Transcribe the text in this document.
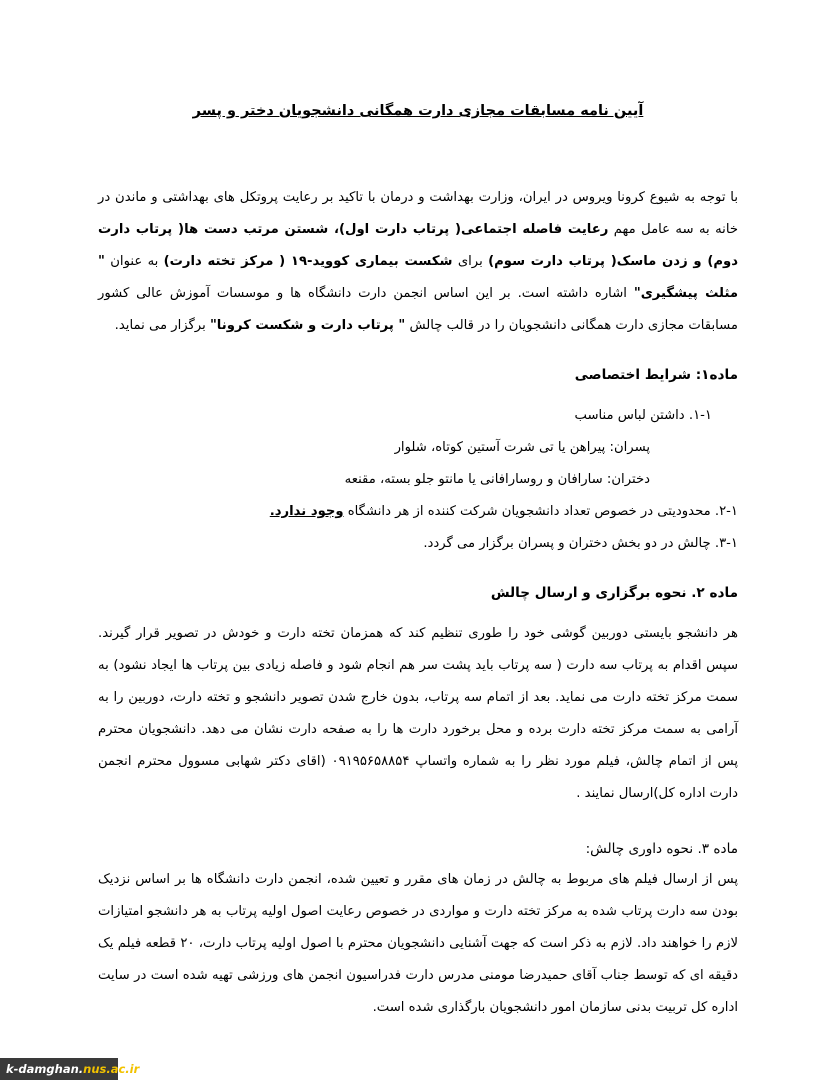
آیین نامه مسابقات مجازی دارت همگانی دانشجویان دختر و پسر

با توجه به شیوع کرونا ویروس در ایران، وزارت بهداشت و درمان با تاکید بر رعایت پروتکل های بهداشتی و ماندن در خانه به سه عامل مهم رعایت فاصله اجتماعی( پرتاب دارت اول)، شستن مرتب دست ها( پرتاب دارت دوم) و زدن ماسک( پرتاب دارت سوم) برای شکست بیماری کووید-۱۹ ( مرکز تخته دارت) به عنوان " مثلث پیشگیری" اشاره داشته است. بر این اساس انجمن دارت دانشگاه ها و موسسات آموزش عالی کشور مسابقات مجازی دارت همگانی دانشجویان را در قالب چالش " پرتاب دارت و شکست کرونا" برگزار می نماید.

ماده۱: شرایط اختصاصی

۱-۱. داشتن لباس مناسب

پسران: پیراهن یا تی شرت آستین کوتاه، شلوار

دختران: سارافان و روسارافانی یا مانتو جلو بسته، مقنعه

۲-۱. محدودیتی در خصوص تعداد دانشجویان شرکت کننده از هر دانشگاه وجود ندارد.

۳-۱. چالش در دو بخش دختران و پسران برگزار می گردد.

ماده ۲. نحوه برگزاری و ارسال چالش

هر دانشجو بایستی دوربین گوشی خود را طوری تنظیم کند که همزمان تخته دارت و خودش در تصویر قرار گیرند. سپس اقدام به پرتاب سه دارت ( سه پرتاب باید پشت سر هم انجام شود و فاصله زیادی بین پرتاب ها ایجاد نشود) به سمت مرکز تخته دارت می نماید. بعد از اتمام سه پرتاب، بدون خارج شدن تصویر دانشجو و تخته دارت، دوربین را به آرامی به سمت مرکز تخته دارت برده و محل برخورد دارت ها را به صفحه دارت نشان می دهد. دانشجویان محترم پس از اتمام چالش، فیلم مورد نظر را به شماره واتساپ ۰۹۱۹۵۶۵۸۸۵۴ (اقای دکتر شهابی مسوول محترم انجمن دارت اداره کل)ارسال نمایند .

ماده ۳. نحوه داوری چالش:

پس از ارسال فیلم های مربوط به چالش در زمان های مقرر و تعیین شده، انجمن دارت دانشگاه ها بر اساس نزدیک بودن سه دارت پرتاب شده به مرکز تخته دارت و مواردی در خصوص رعایت اصول اولیه پرتاب به هر دانشجو امتیازات لازم را خواهند داد. لازم به ذکر است که جهت آشنایی دانشجویان محترم با اصول اولیه پرتاب دارت، ۲۰ قطعه فیلم یک دقیقه ای که توسط جناب آقای حمیدرضا مومنی مدرس دارت فدراسیون انجمن های ورزشی تهیه شده است در سایت اداره کل تربیت بدنی سازمان امور دانشجویان بارگذاری شده است.

k-damghan.nus.ac.ir
